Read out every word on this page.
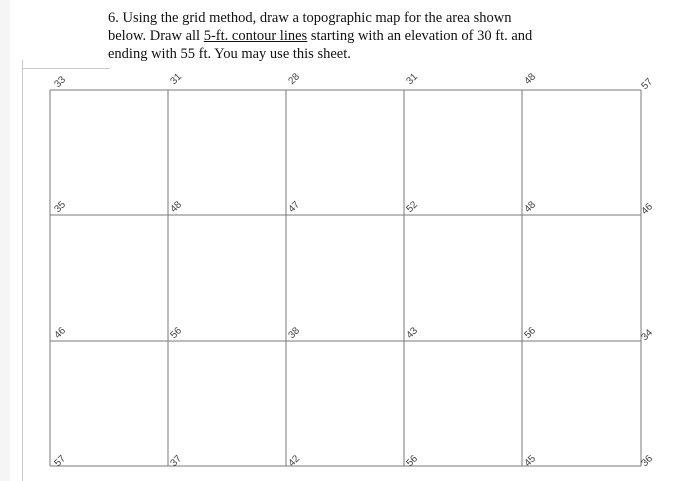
6. Using the grid method, draw a topographic map for the area shown

below. Draw all 5-ft. contour lines starting with an elevation of 30 ft. and

ending with 55 ft. You may use this sheet.

33	31	28	31	48	57
35	48	47	52	48	46
46	56	38	43	56	34
57	37	42	56	45	36
